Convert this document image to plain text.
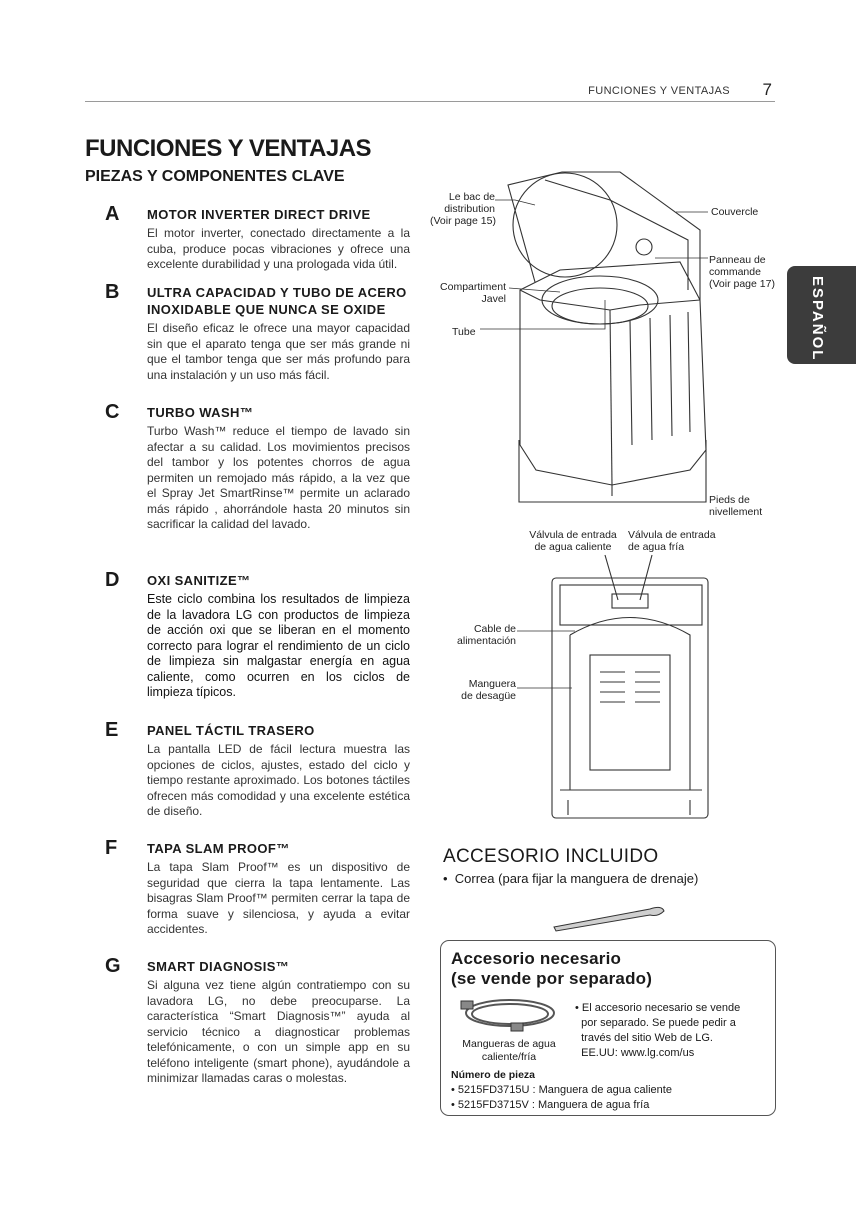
FUNCIONES Y VENTAJAS 7
ESPAÑOL
FUNCIONES Y VENTAJAS
PIEZAS Y COMPONENTES CLAVE
A MOTOR INVERTER DIRECT DRIVE
El motor inverter, conectado directamente a la cuba, produce pocas vibraciones y ofrece una excelente durabilidad y una prologada vida útil.
B ULTRA CAPACIDAD Y TUBO DE ACERO INOXIDABLE QUE NUNCA SE OXIDE
El diseño eficaz le ofrece una mayor capacidad sin que el aparato tenga que ser más grande ni que el tambor tenga que ser más profundo para una instalación y un uso más fácil.
C TURBO WASH™
Turbo Wash™ reduce el tiempo de lavado sin afectar a su calidad. Los movimientos precisos del tambor y los potentes chorros de agua permiten un remojado más rápido, a la vez que el Spray Jet SmartRinse™ permite un aclarado más rápido , ahorrándole hasta 20 minutos sin sacrificar la calidad del lavado.
D OXI SANITIZE™
Este ciclo combina los resultados de limpieza de la lavadora LG con productos de limpieza de acción oxi que se liberan en el momento correcto para lograr el rendimiento de un ciclo de limpieza sin malgastar energía en agua caliente, como ocurren en los ciclos de limpieza típicos.
E PANEL TÁCTIL TRASERO
La pantalla LED de fácil lectura muestra las opciones de ciclos, ajustes, estado del ciclo y tiempo restante aproximado. Los botones táctiles ofrecen más comodidad y una excelente estética de diseño.
F TAPA SLAM PROOF™
La tapa Slam Proof™ es un dispositivo de seguridad que cierra la tapa lentamente. Las bisagras Slam Proof™ permiten cerrar la tapa de forma suave y silenciosa, y ayuda a evitar accidentes.
G SMART DIAGNOSIS™
Si alguna vez tiene algún contratiempo con su lavadora LG, no debe preocuparse. La característica “Smart Diagnosis™” ayuda al servicio técnico a diagnosticar problemas telefónicamente, o con un simple app en su teléfono inteligente (smart phone), ayudándole a minimizar llamadas caras o molestas.
Le bac de
distribution
(Voir page 15)
Couvercle
Panneau de
commande
(Voir page 17)
Compartiment
Javel
Tube
Pieds de
nivellement
Válvula de entrada
de agua caliente
Válvula de entrada
de agua fría
Cable de
alimentación
Manguera
de desagüe
ACCESORIO INCLUIDO
•  Correa (para fijar la manguera de drenaje)
Accesorio necesario
(se vende por separado)
Mangueras de agua
caliente/fría
• El accesorio necesario se vende
por separado. Se puede pedir a
través del sitio Web de LG.
EE.UU: www.lg.com/us
Número de pieza
• 5215FD3715U : Manguera de agua caliente
• 5215FD3715V : Manguera de agua fría
